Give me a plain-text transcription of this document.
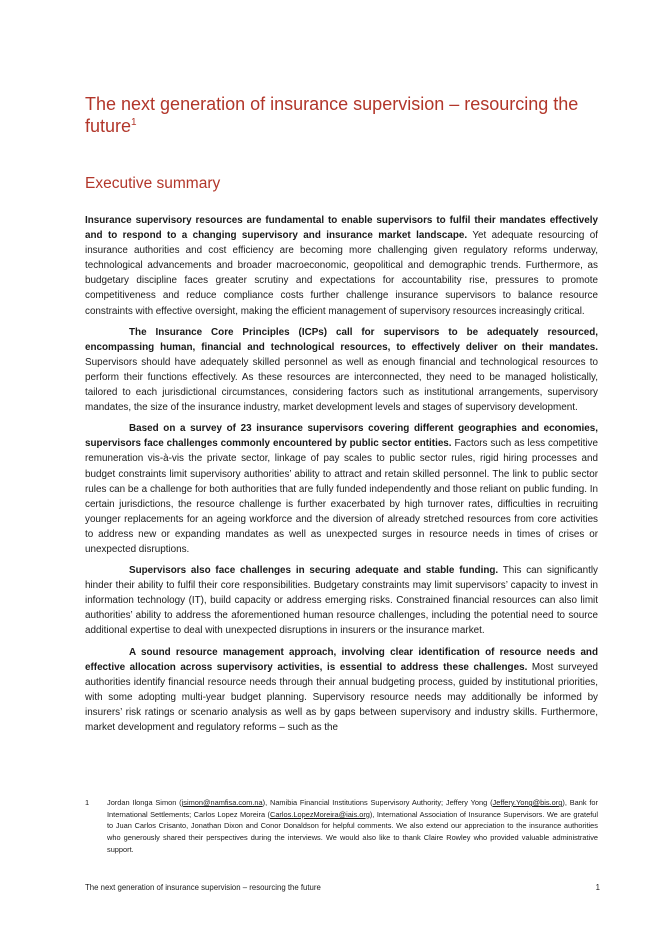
The next generation of insurance supervision – resourcing the future$^1$
Executive summary

Insurance supervisory resources are fundamental to enable supervisors to fulfil their mandates effectively and to respond to a changing supervisory and insurance market landscape. Yet adequate resourcing of insurance authorities and cost efficiency are becoming more challenging given regulatory reforms underway, technological advancements and broader macroeconomic, geopolitical and demographic trends. Furthermore, as budgetary discipline faces greater scrutiny and expectations for accountability rise, pressures to promote competitiveness and reduce compliance costs further challenge insurance supervisors to balance resource constraints with effective oversight, making the efficient management of supervisory resources increasingly critical.

The Insurance Core Principles (ICPs) call for supervisors to be adequately resourced, encompassing human, financial and technological resources, to effectively deliver on their mandates. Supervisors should have adequately skilled personnel as well as enough financial and technological resources to perform their functions effectively. As these resources are interconnected, they need to be managed holistically, tailored to each jurisdictional circumstances, considering factors such as institutional arrangements, supervisory mandates, the size of the insurance industry, market development levels and stages of supervisory development.

Based on a survey of 23 insurance supervisors covering different geographies and economies, supervisors face challenges commonly encountered by public sector entities. Factors such as less competitive remuneration vis-à-vis the private sector, linkage of pay scales to public sector rules, rigid hiring processes and budget constraints limit supervisory authorities’ ability to attract and retain skilled personnel. The link to public sector rules can be a challenge for both authorities that are fully funded independently and those reliant on public funding. In certain jurisdictions, the resource challenge is further exacerbated by high turnover rates, difficulties in recruiting younger replacements for an ageing workforce and the diversion of already stretched resources from core activities to address new or expanding mandates as well as unexpected surges in resource needs in times of crises or unexpected disruptions.

Supervisors also face challenges in securing adequate and stable funding. This can significantly hinder their ability to fulfil their core responsibilities. Budgetary constraints may limit supervisors’ capacity to invest in information technology (IT), build capacity or address emerging risks. Constrained financial resources can also limit authorities’ ability to address the aforementioned human resource challenges, including the potential need to source additional expertise to deal with unexpected disruptions in insurers or the insurance market.

A sound resource management approach, involving clear identification of resource needs and effective allocation across supervisory activities, is essential to address these challenges. Most surveyed authorities identify financial resource needs through their annual budgeting process, guided by institutional priorities, with some adopting multi-year budget planning. Supervisory resource needs may additionally be informed by insurers’ risk ratings or scenario analysis as well as by gaps between supervisory and industry skills. Furthermore, market development and regulatory reforms – such as the

1 Jordan Ilonga Simon (jsimon@namfisa.com.na), Namibia Financial Institutions Supervisory Authority; Jeffery Yong (Jeffery.Yong@bis.org), Bank for International Settlements; Carlos Lopez Moreira (Carlos.LopezMoreira@iais.org), International Association of Insurance Supervisors. We are grateful to Juan Carlos Crisanto, Jonathan Dixon and Conor Donaldson for helpful comments. We also extend our appreciation to the insurance authorities who generously shared their perspectives during the interviews. We would also like to thank Claire Rowley who provided valuable administrative support.
The next generation of insurance supervision – resourcing the future	1
